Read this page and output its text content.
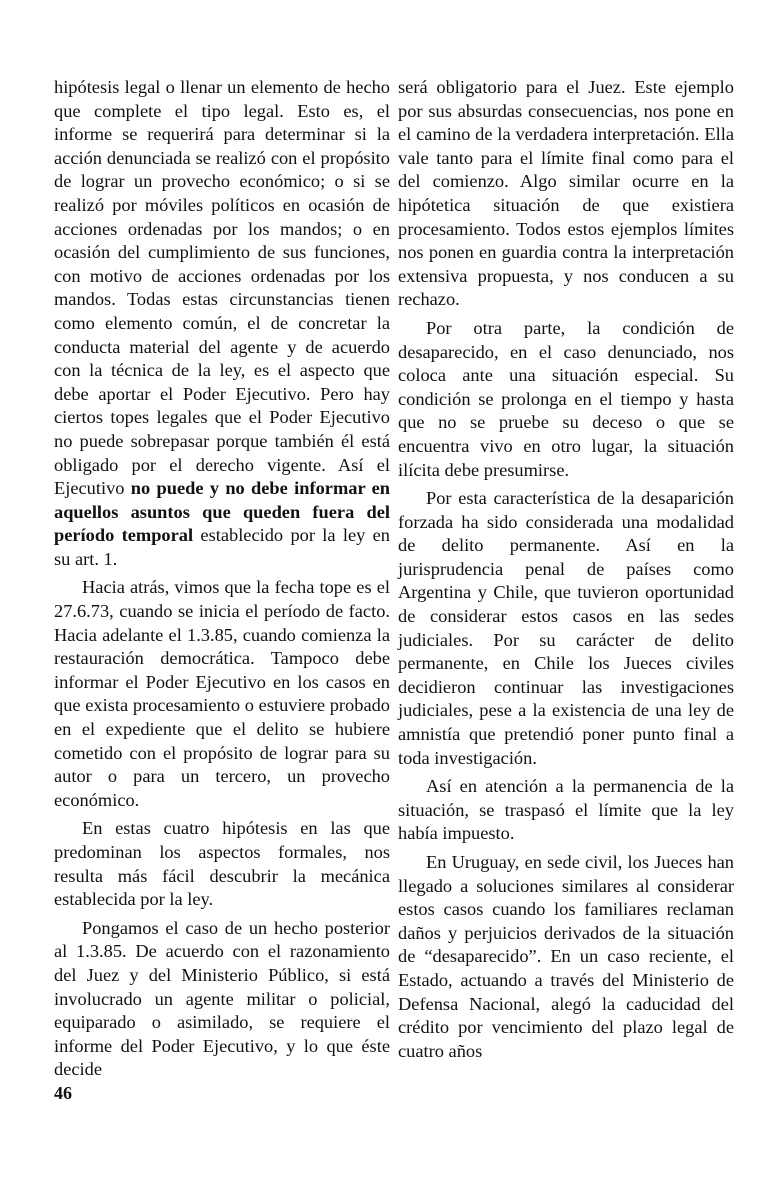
hipótesis legal o llenar un elemento de hecho que complete el tipo legal. Esto es, el informe se requerirá para determinar si la acción denunciada se realizó con el propósito de lograr un provecho económico; o si se realizó por móviles políticos en ocasión de acciones ordenadas por los mandos; o en ocasión del cumplimiento de sus funciones, con motivo de acciones ordenadas por los mandos. Todas estas circunstancias tienen como elemento común, el de concretar la conducta material del agente y de acuerdo con la técnica de la ley, es el aspecto que debe aportar el Poder Ejecutivo. Pero hay ciertos topes legales que el Poder Ejecutivo no puede sobrepasar porque también él está obligado por el derecho vigente. Así el Ejecutivo no puede y no debe informar en aquellos asuntos que queden fuera del período temporal establecido por la ley en su art. 1.

Hacia atrás, vimos que la fecha tope es el 27.6.73, cuando se inicia el período de facto. Hacia adelante el 1.3.85, cuando comienza la restauración democrática. Tampoco debe informar el Poder Ejecutivo en los casos en que exista procesamiento o estuviere probado en el expediente que el delito se hubiere cometido con el propósito de lograr para su autor o para un tercero, un provecho económico.

En estas cuatro hipótesis en las que predominan los aspectos formales, nos resulta más fácil descubrir la mecánica establecida por la ley.

Pongamos el caso de un hecho posterior al 1.3.85. De acuerdo con el razonamiento del Juez y del Ministerio Público, si está involucrado un agente militar o policial, equiparado o asimilado, se requiere el informe del Poder Ejecutivo, y lo que éste decide

será obligatorio para el Juez. Este ejemplo por sus absurdas consecuencias, nos pone en el camino de la verdadera interpretación. Ella vale tanto para el límite final como para el del comienzo. Algo similar ocurre en la hipótetica situación de que existiera procesamiento. Todos estos ejemplos límites nos ponen en guardia contra la interpretación extensiva propuesta, y nos conducen a su rechazo.

Por otra parte, la condición de desaparecido, en el caso denunciado, nos coloca ante una situación especial. Su condición se prolonga en el tiempo y hasta que no se pruebe su deceso o que se encuentra vivo en otro lugar, la situación ilícita debe presumirse.

Por esta característica de la desaparición forzada ha sido considerada una modalidad de delito permanente. Así en la jurisprudencia penal de países como Argentina y Chile, que tuvieron oportunidad de considerar estos casos en las sedes judiciales. Por su carácter de delito permanente, en Chile los Jueces civiles decidieron continuar las investigaciones judiciales, pese a la existencia de una ley de amnistía que pretendió poner punto final a toda investigación.

Así en atención a la permanencia de la situación, se traspasó el límite que la ley había impuesto.

En Uruguay, en sede civil, los Jueces han llegado a soluciones similares al considerar estos casos cuando los familiares reclaman daños y perjuicios derivados de la situación de “desaparecido”. En un caso reciente, el Estado, actuando a través del Ministerio de Defensa Nacional, alegó la caducidad del crédito por vencimiento del plazo legal de cuatro años

46
